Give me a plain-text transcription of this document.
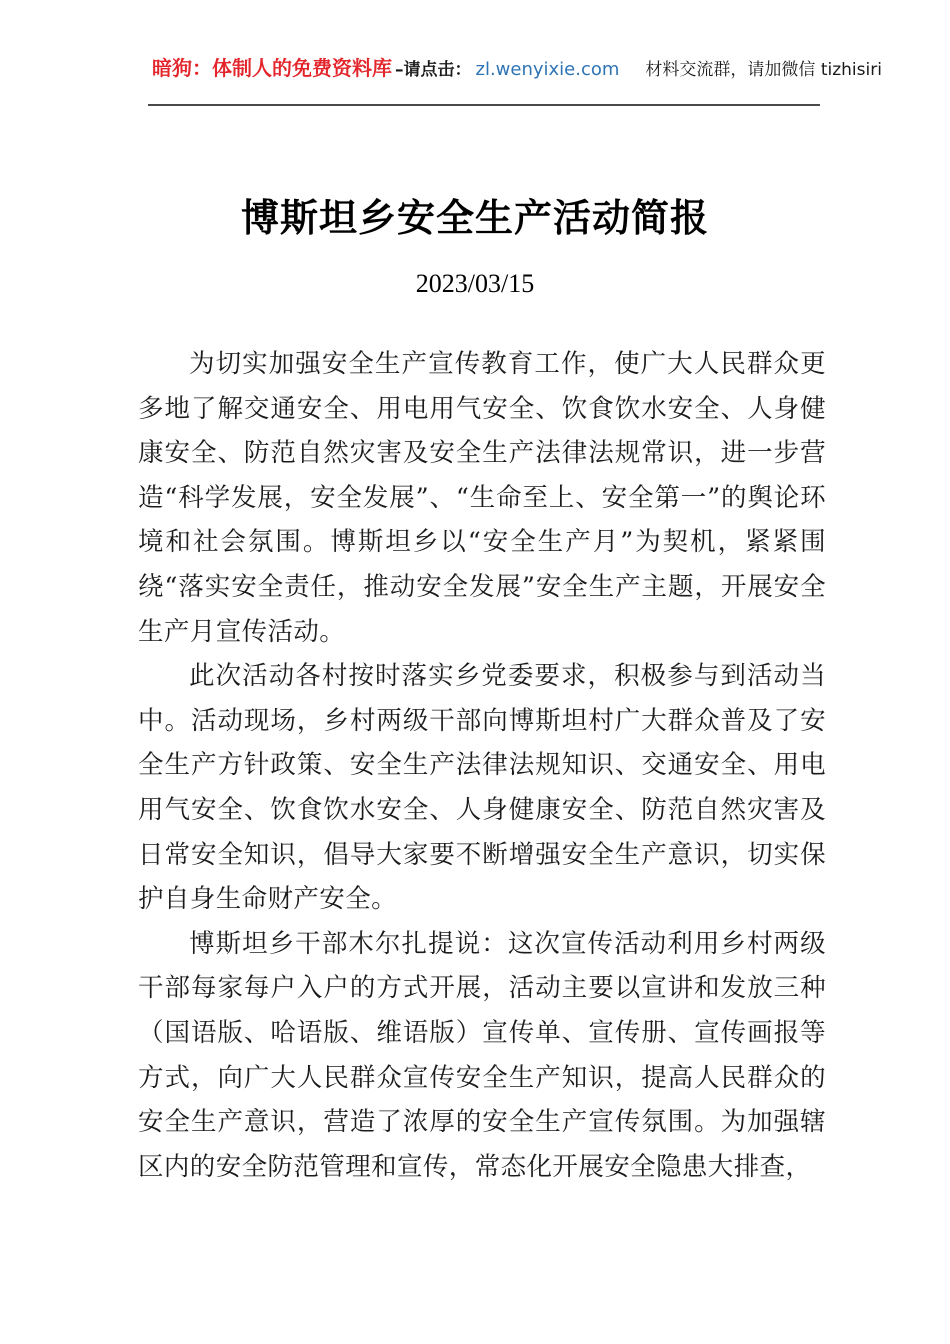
暗狗：体制人的免费资料库 –请点击： zl.wenyixie.com 材料交流群，请加微信 tizhisiri
博斯坦乡安全生产活动简报
2023/03/15

为切实加强安全生产宣传教育工作，使广大人民群众更多地了解交通安全、用电用气安全、饮食饮水安全、人身健康安全、防范自然灾害及安全生产法律法规常识，进一步营造“科学发展，安全发展”、“生命至上、安全第一”的舆论环境和社会氛围。博斯坦乡以“安全生产月”为契机，紧紧围绕“落实安全责任，推动安全发展”安全生产主题，开展安全生产月宣传活动。

此次活动各村按时落实乡党委要求，积极参与到活动当中。活动现场，乡村两级干部向博斯坦村广大群众普及了安全生产方针政策、安全生产法律法规知识、交通安全、用电用气安全、饮食饮水安全、人身健康安全、防范自然灾害及日常安全知识，倡导大家要不断增强安全生产意识，切实保护自身生命财产安全。

博斯坦乡干部木尔扎提说：这次宣传活动利用乡村两级干部每家每户入户的方式开展，活动主要以宣讲和发放三种（国语版、哈语版、维语版）宣传单、宣传册、宣传画报等方式，向广大人民群众宣传安全生产知识，提高人民群众的安全生产意识，营造了浓厚的安全生产宣传氛围。为加强辖区内的安全防范管理和宣传，常态化开展安全隐患大排查，
